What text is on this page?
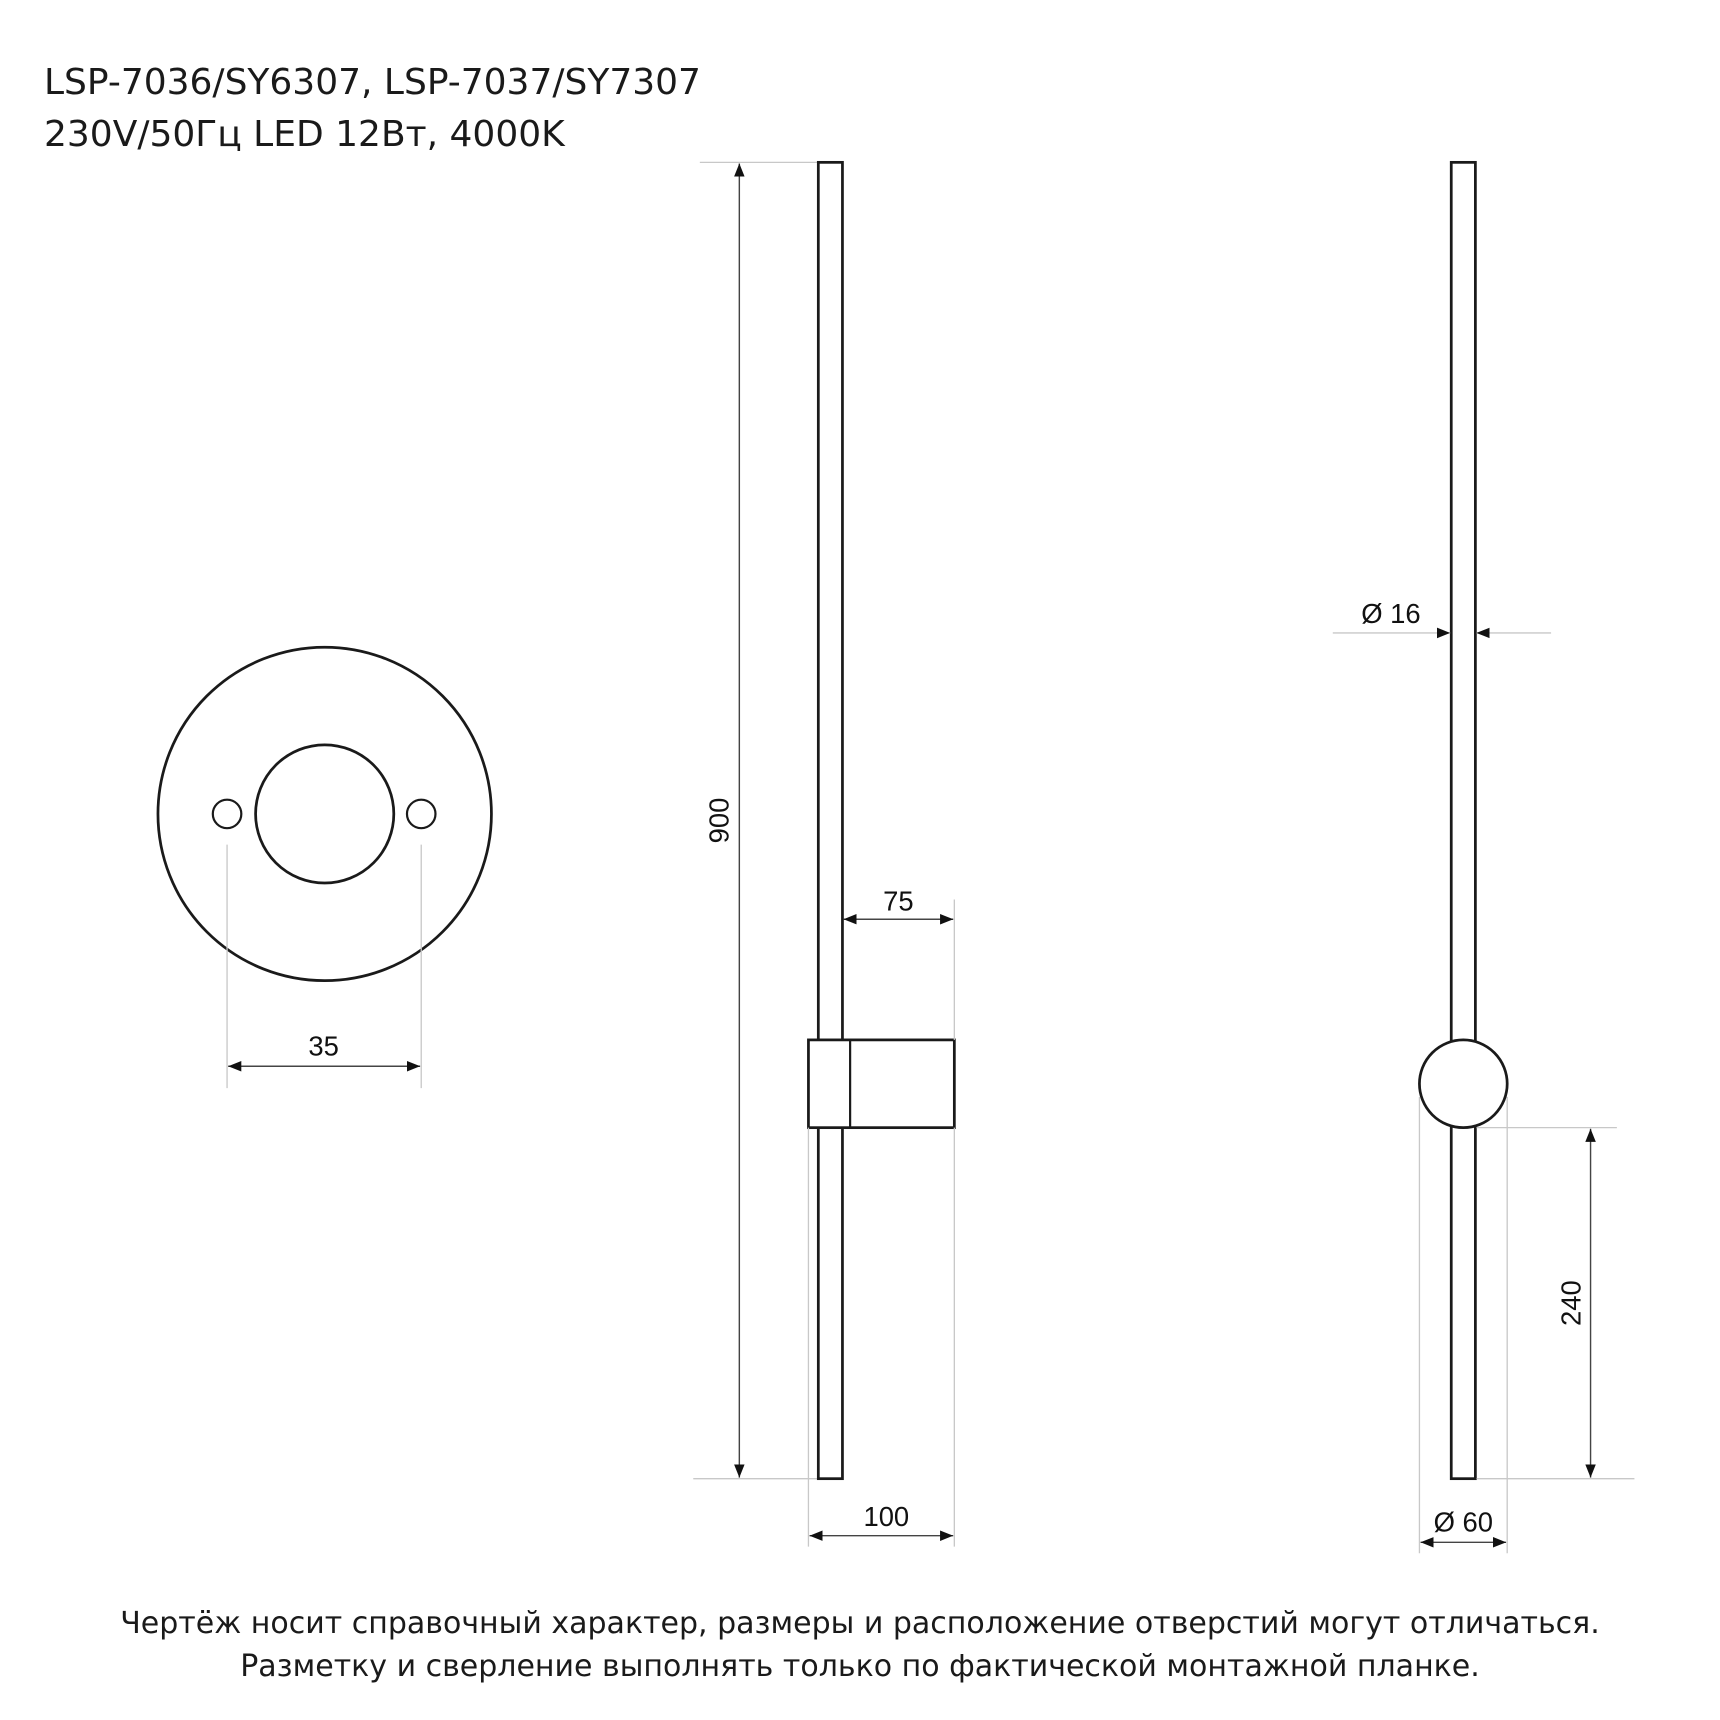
LSP-7036/SY6307, LSP-7037/SY7307
230V/50Гц LED 12Вт, 4000K
35
900
75
100
Ø 16
240
Ø 60
Чертёж носит справочный характер, размеры и расположение отверстий могут отличаться.
Разметку и сверление выполнять только по фактической монтажной планке.
